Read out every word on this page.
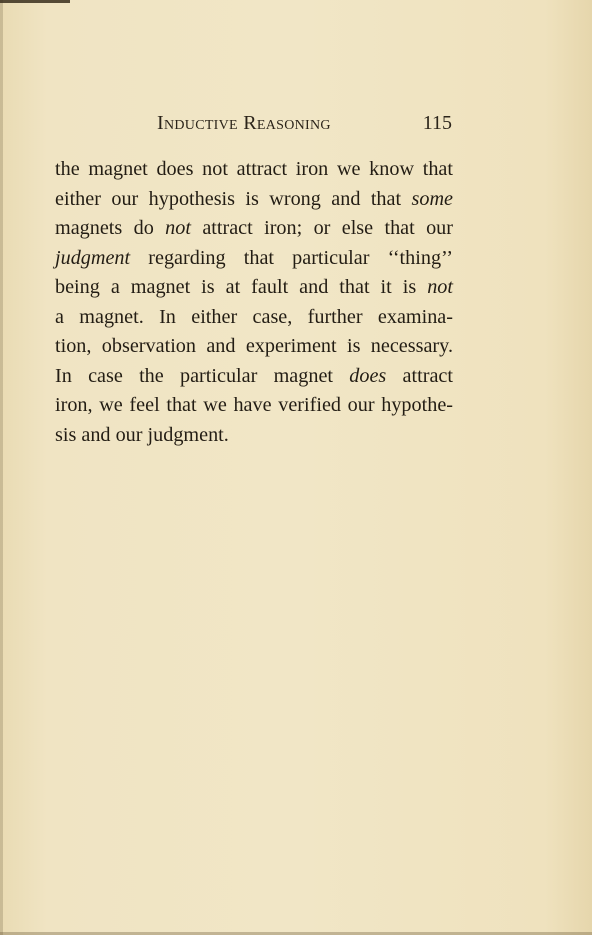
Inductive Reasoning	115
the magnet does not attract iron we know that
either our hypothesis is wrong and that some
magnets do not attract iron; or else that our
judgment regarding that particular ‘‘thing’’
being a magnet is at fault and that it is not
a magnet. In either case, further examina-
tion, observation and experiment is necessary.
In case the particular magnet does attract
iron, we feel that we have verified our hypothe-
sis and our judgment.
